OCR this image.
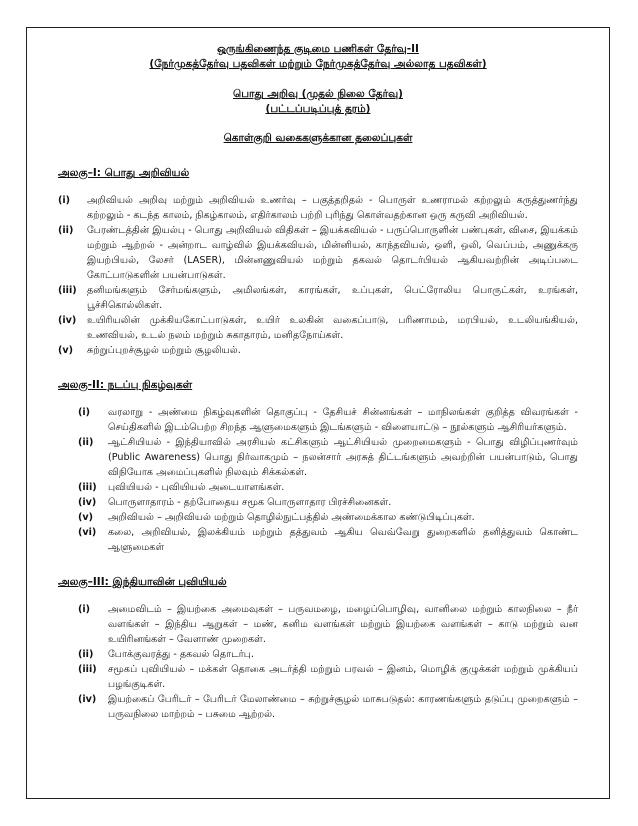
ஒருங்கிணைந்த குடிமை பணிகள் தேர்வு-II

(நேர்முகத்தேர்வு பதவிகள் மற்றும் நேர்முகத்தேர்வு அல்லாத பதவிகள்)

பொது அறிவு (முதல் நிலை தேர்வு)

(பட்டப்படிப்புத் தரம்)

கொள்குறி வகைகளுக்கான தலைப்புகள்

அலகு–I: பொது அறிவியல்

(i) அறிவியல் அறிவு மற்றும் அறிவியல் உணர்வு – பகுத்தறிதல் - பொருள் உணராமல் கற்றலும் கருத்துணர்ந்து கற்றலும் - கடந்த காலம், நிகழ்காலம், எதிர்காலம் பற்றி புரிந்து கொள்வதற்கான ஒரு கருவி அறிவியல்.

(ii) பேரண்டத்தின் இயல்பு - பொது அறிவியல் விதிகள் – இயக்கவியல் - பருப்பொருளின் பண்புகள், விசை, இயக்கம் மற்றும் ஆற்றல் - அன்றாட வாழ்வில் இயக்கவியல், மின்னியல், காந்தவியல், ஒளி, ஒலி, வெப்பம், அணுக்கரு இயற்பியல், லேசர் (LASER), மின்னணுவியல் மற்றும் தகவல் தொடர்பியல் ஆகியவற்றின் அடிப்படை கோட்பாடுகளின் பயன்பாடுகள்.

(iii) தனிமங்களும் சேர்மங்களும், அமிலங்கள், காரங்கள், உப்புகள், பெட்ரோலிய பொருட்கள், உரங்கள், பூச்சிகொல்லிகள்.

(iv) உயிரியலின் முக்கியகோட்பாடுகள், உயிர் உலகின் வகைப்பாடு, பரிணாமம், மரபியல், உடலியங்கியல், உணவியல், உடல் நலம் மற்றும் சுகாதாரம், மனிதநோய்கள்.

(v) சுற்றுப்புறச்சூழல் மற்றும் சூழலியல்.

அலகு-II: நடப்பு நிகழ்வுகள்

(i) வரலாறு - அண்மை நிகழ்வுகளின் தொகுப்பு - தேசியச் சின்னங்கள் – மாநிலங்கள் குறித்த விவரங்கள் - செய்திகளில் இடம்பெற்ற சிறந்த ஆளுமைகளும் இடங்களும் - விளையாட்டு – நூல்களும் ஆசிரியர்களும்.

(ii) ஆட்சியியல் - இந்தியாவில் அரசியல் கட்சிகளும் ஆட்சியியல் முறைமைகளும் - பொது விழிப்புணர்வும் (Public Awareness) பொது நிர்வாகமும் – நலன்சார் அரசுத் திட்டங்களும் அவற்றின் பயன்பாடும், பொது விநியோக அமைப்புகளில் நிலவும் சிக்கல்கள்.

(iii) புவியியல் - புவியியல் அடையாளங்கள்.

(iv) பொருளாதாரம் - தற்போதைய சமூக பொருளாதார பிரச்சினைகள்.

(v) அறிவியல் – அறிவியல் மற்றும் தொழில்நுட்பத்தில் அண்மைக்கால கண்டுபிடிப்புகள்.

(vi) கலை, அறிவியல், இலக்கியம் மற்றும் தத்துவம் ஆகிய வெவ்வேறு துறைகளில் தனித்துவம் கொண்ட ஆளுமைகள்

அலகு–III: இந்தியாவின் புவியியல்

(i) அமைவிடம் – இயற்கை அமைவுகள் – பருவமழை, மழைப்பொழிவு, வானிலை மற்றும் காலநிலை – நீர் வளங்கள் – இந்திய ஆறுகள் – மண், கனிம வளங்கள் மற்றும் இயற்கை வளங்கள் – காடு மற்றும் வன உயிரினங்கள் – வேளாண் முறைகள்.

(ii) போக்குவரத்து - தகவல் தொடர்பு.

(iii) சமூகப் புவியியல் – மக்கள் தொகை அடர்த்தி மற்றும் பரவல் – இனம், மொழிக் குழுக்கள் மற்றும் முக்கியப் பழங்குடிகள்.

(iv) இயற்கைப் பேரிடர் – பேரிடர் மேலாண்மை – சுற்றுச்சூழல் மாசுபடுதல்: காரணங்களும் தடுப்பு முறைகளும் – பருவநிலை மாற்றம் – பசுமை ஆற்றல்.
